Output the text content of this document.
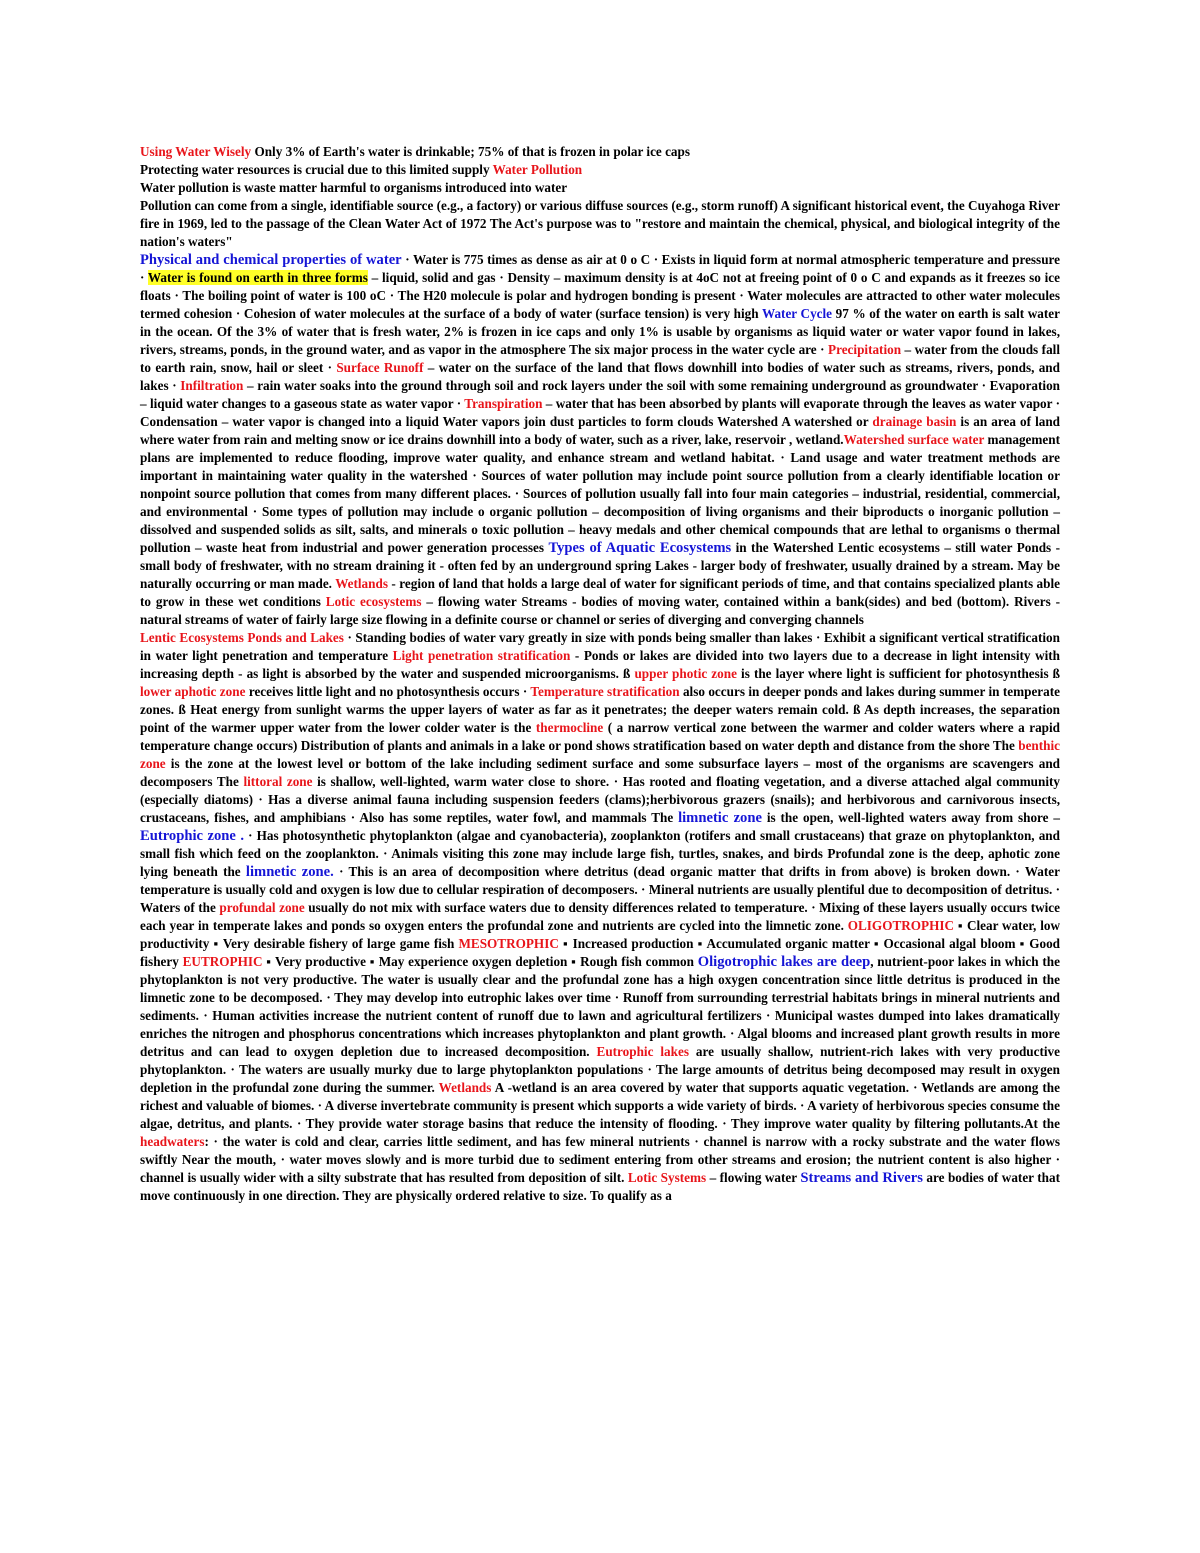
Using Water Wisely Only 3% of Earth's water is drinkable; 75% of that is frozen in polar ice caps

Protecting water resources is crucial due to this limited supply Water Pollution

Water pollution is waste matter harmful to organisms introduced into water

Pollution can come from a single, identifiable source (e.g., a factory) or various diffuse sources (e.g., storm runoff) A significant historical event, the Cuyahoga River fire in 1969, led to the passage of the Clean Water Act of 1972 The Act's purpose was to "restore and maintain the chemical, physical, and biological integrity of the nation's waters"

Physical and chemical properties of water · Water is 775 times as dense as air at 0 o C · Exists in liquid form at normal atmospheric temperature and pressure · Water is found on earth in three forms – liquid, solid and gas · Density – maximum density is at 4oC not at freeing point of 0 o C and expands as it freezes so ice floats · The boiling point of water is 100 oC · The H20 molecule is polar and hydrogen bonding is present · Water molecules are attracted to other water molecules termed cohesion · Cohesion of water molecules at the surface of a body of water (surface tension) is very high Water Cycle 97 % of the water on earth is salt water in the ocean. Of the 3% of water that is fresh water, 2% is frozen in ice caps and only 1% is usable by organisms as liquid water or water vapor found in lakes, rivers, streams, ponds, in the ground water, and as vapor in the atmosphere The six major process in the water cycle are · Precipitation – water from the clouds fall to earth rain, snow, hail or sleet · Surface Runoff – water on the surface of the land that flows downhill into bodies of water such as streams, rivers, ponds, and lakes · Infiltration – rain water soaks into the ground through soil and rock layers under the soil with some remaining underground as groundwater · Evaporation – liquid water changes to a gaseous state as water vapor · Transpiration – water that has been absorbed by plants will evaporate through the leaves as water vapor · Condensation – water vapor is changed into a liquid Water vapors join dust particles to form clouds Watershed A watershed or drainage basin is an area of land where water from rain and melting snow or ice drains downhill into a body of water, such as a river, lake, reservoir , wetland.Watershed surface water management plans are implemented to reduce flooding, improve water quality, and enhance stream and wetland habitat. · Land usage and water treatment methods are important in maintaining water quality in the watershed · Sources of water pollution may include point source pollution from a clearly identifiable location or nonpoint source pollution that comes from many different places. · Sources of pollution usually fall into four main categories – industrial, residential, commercial, and environmental · Some types of pollution may include o organic pollution – decomposition of living organisms and their biproducts o inorganic pollution – dissolved and suspended solids as silt, salts, and minerals o toxic pollution – heavy medals and other chemical compounds that are lethal to organisms o thermal pollution – waste heat from industrial and power generation processes Types of Aquatic Ecosystems in the Watershed Lentic ecosystems – still water Ponds - small body of freshwater, with no stream draining it - often fed by an underground spring Lakes - larger body of freshwater, usually drained by a stream. May be naturally occurring or man made. Wetlands - region of land that holds a large deal of water for significant periods of time, and that contains specialized plants able to grow in these wet conditions Lotic ecosystems – flowing water Streams - bodies of moving water, contained within a bank(sides) and bed (bottom). Rivers - natural streams of water of fairly large size flowing in a definite course or channel or series of diverging and converging channels

Lentic Ecosystems Ponds and Lakes · Standing bodies of water vary greatly in size with ponds being smaller than lakes · Exhibit a significant vertical stratification in water light penetration and temperature Light penetration stratification - Ponds or lakes are divided into two layers due to a decrease in light intensity with increasing depth - as light is absorbed by the water and suspended microorganisms. ß upper photic zone is the layer where light is sufficient for photosynthesis ß lower aphotic zone receives little light and no photosynthesis occurs · Temperature stratification also occurs in deeper ponds and lakes during summer in temperate zones. ß Heat energy from sunlight warms the upper layers of water as far as it penetrates; the deeper waters remain cold. ß As depth increases, the separation point of the warmer upper water from the lower colder water is the thermocline ( a narrow vertical zone between the warmer and colder waters where a rapid temperature change occurs) Distribution of plants and animals in a lake or pond shows stratification based on water depth and distance from the shore The benthic zone is the zone at the lowest level or bottom of the lake including sediment surface and some subsurface layers – most of the organisms are scavengers and decomposers The littoral zone is shallow, well-lighted, warm water close to shore. · Has rooted and floating vegetation, and a diverse attached algal community (especially diatoms) · Has a diverse animal fauna including suspension feeders (clams);herbivorous grazers (snails); and herbivorous and carnivorous insects, crustaceans, fishes, and amphibians · Also has some reptiles, water fowl, and mammals The limnetic zone is the open, well-lighted waters away from shore – Eutrophic zone . · Has photosynthetic phytoplankton (algae and cyanobacteria), zooplankton (rotifers and small crustaceans) that graze on phytoplankton, and small fish which feed on the zooplankton. · Animals visiting this zone may include large fish, turtles, snakes, and birds Profundal zone is the deep, aphotic zone lying beneath the limnetic zone. · This is an area of decomposition where detritus (dead organic matter that drifts in from above) is broken down. · Water temperature is usually cold and oxygen is low due to cellular respiration of decomposers. · Mineral nutrients are usually plentiful due to decomposition of detritus. · Waters of the profundal zone usually do not mix with surface waters due to density differences related to temperature. · Mixing of these layers usually occurs twice each year in temperate lakes and ponds so oxygen enters the profundal zone and nutrients are cycled into the limnetic zone. OLIGOTROPHIC ▪ Clear water, low productivity ▪ Very desirable fishery of large game fish MESOTROPHIC ▪ Increased production ▪ Accumulated organic matter ▪ Occasional algal bloom ▪ Good fishery EUTROPHIC ▪ Very productive ▪ May experience oxygen depletion ▪ Rough fish common Oligotrophic lakes are deep, nutrient-poor lakes in which the phytoplankton is not very productive. The water is usually clear and the profundal zone has a high oxygen concentration since little detritus is produced in the limnetic zone to be decomposed. · They may develop into eutrophic lakes over time · Runoff from surrounding terrestrial habitats brings in mineral nutrients and sediments. · Human activities increase the nutrient content of runoff due to lawn and agricultural fertilizers · Municipal wastes dumped into lakes dramatically enriches the nitrogen and phosphorus concentrations which increases phytoplankton and plant growth. · Algal blooms and increased plant growth results in more detritus and can lead to oxygen depletion due to increased decomposition. Eutrophic lakes are usually shallow, nutrient-rich lakes with very productive phytoplankton. · The waters are usually murky due to large phytoplankton populations · The large amounts of detritus being decomposed may result in oxygen depletion in the profundal zone during the summer. Wetlands A -wetland is an area covered by water that supports aquatic vegetation. · Wetlands are among the richest and valuable of biomes. · A diverse invertebrate community is present which supports a wide variety of birds. · A variety of herbivorous species consume the algae, detritus, and plants. · They provide water storage basins that reduce the intensity of flooding. · They improve water quality by filtering pollutants.At the headwaters: · the water is cold and clear, carries little sediment, and has few mineral nutrients · channel is narrow with a rocky substrate and the water flows swiftly Near the mouth, · water moves slowly and is more turbid due to sediment entering from other streams and erosion; the nutrient content is also higher · channel is usually wider with a silty substrate that has resulted from deposition of silt. Lotic Systems – flowing water Streams and Rivers are bodies of water that move continuously in one direction. They are physically ordered relative to size. To qualify as a
